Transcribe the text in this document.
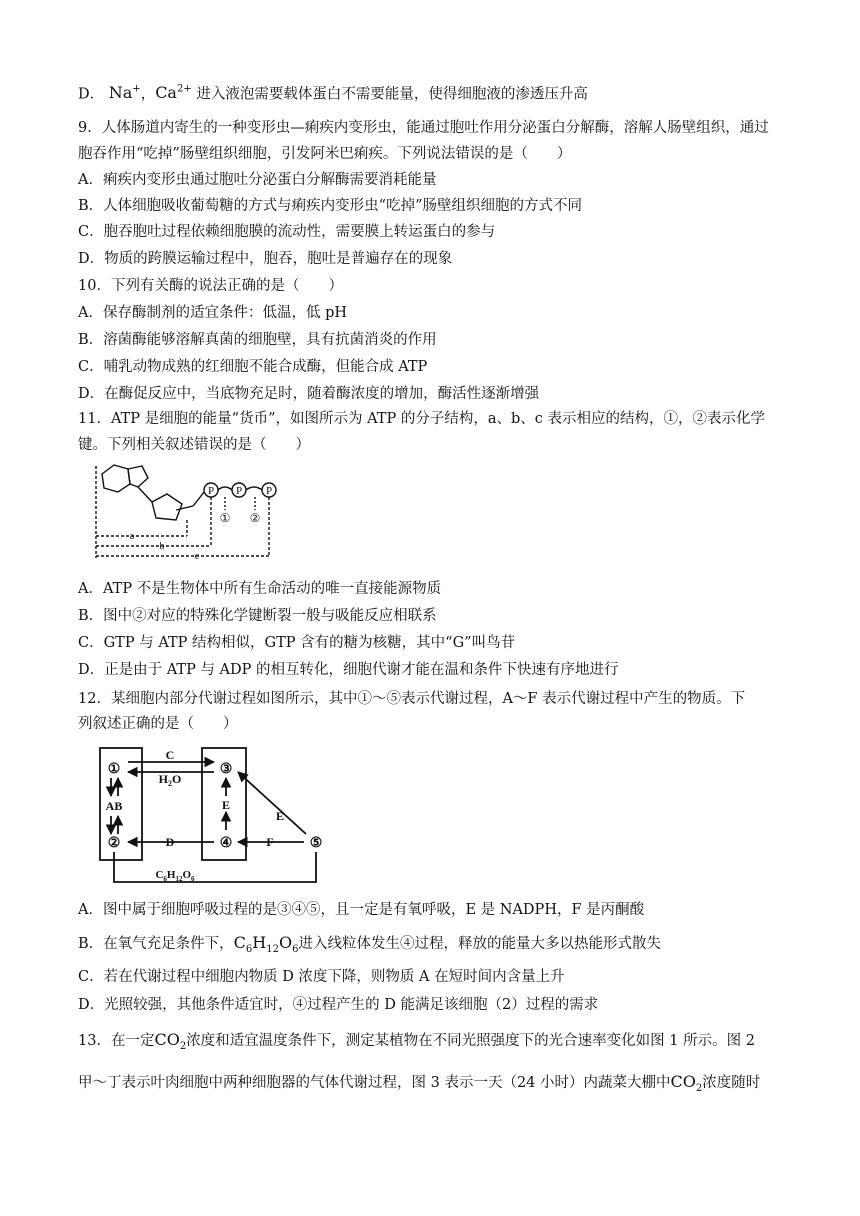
D． Na+，$Ca^{2+}$ 进入液泡需要载体蛋白不需要能量，使得细胞液的渗透压升高
9．人体肠道内寄生的一种变形虫—痢疾内变形虫，能通过胞吐作用分泌蛋白分解酶，溶解人肠壁组织，通过胞吞作用“吃掉”肠壁组织细胞，引发阿米巴痢疾。下列说法错误的是（　　）
A．痢疾内变形虫通过胞吐分泌蛋白分解酶需要消耗能量
B．人体细胞吸收葡萄糖的方式与痢疾内变形虫“吃掉”肠壁组织细胞的方式不同
C．胞吞胞吐过程依赖细胞膜的流动性，需要膜上转运蛋白的参与
D．物质的跨膜运输过程中，胞吞，胞吐是普遍存在的现象
10．下列有关酶的说法正确的是（　　）
A．保存酶制剂的适宜条件：低温，低 pH
B．溶菌酶能够溶解真菌的细胞壁，具有抗菌消炎的作用
C．哺乳动物成熟的红细胞不能合成酶，但能合成 ATP
D．在酶促反应中，当底物充足时，随着酶浓度的增加，酶活性逐渐增强
11．ATP 是细胞的能量“货币”，如图所示为 ATP 的分子结构，a、b、c 表示相应的结构，①，②表示化学键。下列相关叙述错误的是（　　）
P P P
① ②
a
b
c
A．ATP 不是生物体中所有生命活动的唯一直接能源物质
B．图中②对应的特殊化学键断裂一般与吸能反应相联系
C．GTP 与 ATP 结构相似，GTP 含有的糖为核糖，其中“G”叫鸟苷
D．正是由于 ATP 与 ADP 的相互转化，细胞代谢才能在温和条件下快速有序地进行
12．某细胞内部分代谢过程如图所示，其中①～⑤表示代谢过程，A～F 表示代谢过程中产生的物质。下
列叙述正确的是（　　）
①
②
③
④	⑤
C
$H_2O$
AB
D
E
E
F
$C_6H_{12}O_6$
A．图中属于细胞呼吸过程的是③④⑤，且一定是有氧呼吸，E 是 NADPH，F 是丙酮酸
B．在氧气充足条件下，$C_6H_{12}O_6$进入线粒体发生④过程，释放的能量大多以热能形式散失
C．若在代谢过程中细胞内物质 D 浓度下降，则物质 A 在短时间内含量上升
D．光照较强，其他条件适宜时，④过程产生的 D 能满足该细胞（2）过程的需求
13．在一定$CO_2$浓度和适宜温度条件下，测定某植物在不同光照强度下的光合速率变化如图 1 所示。图 2
甲～丁表示叶肉细胞中两种细胞器的气体代谢过程，图 3 表示一天（24 小时）内蔬菜大棚中$CO_2$浓度随时
